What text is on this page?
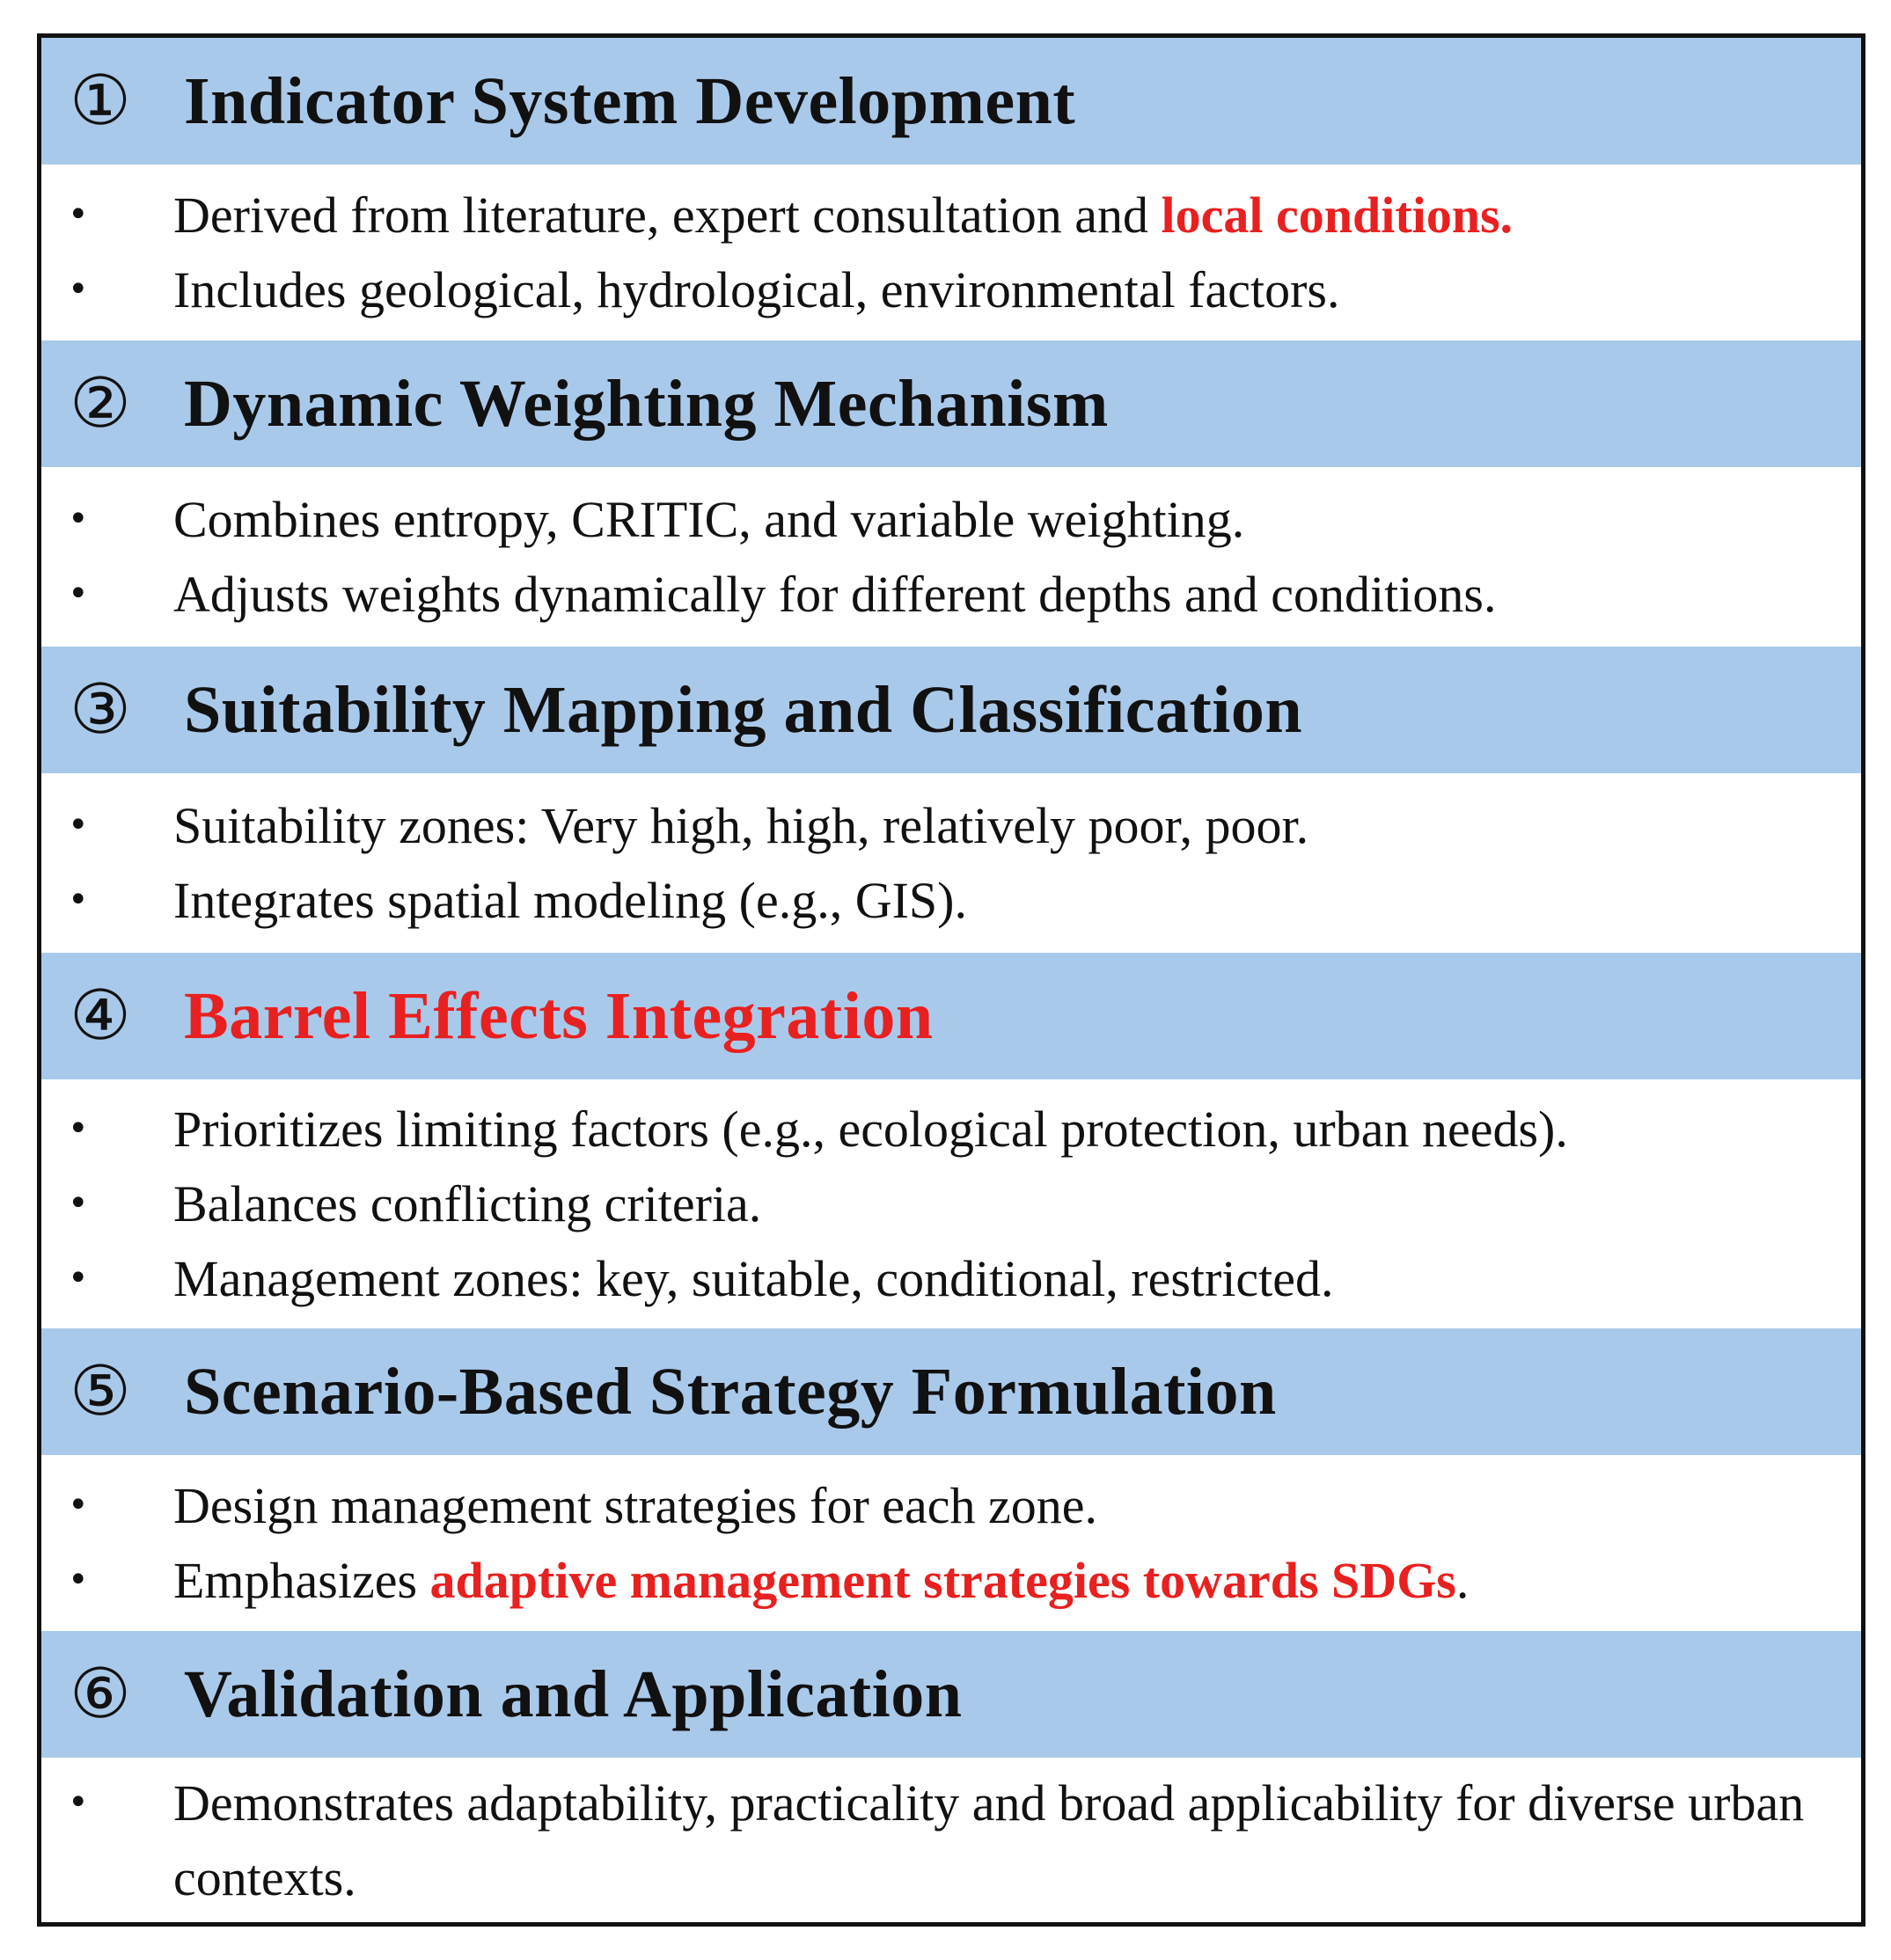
① Indicator System Development
•	Derived from literature, expert consultation and local conditions.
•	Includes geological, hydrological, environmental factors.
② Dynamic Weighting Mechanism
•	Combines entropy, CRITIC, and variable weighting.
•	Adjusts weights dynamically for different depths and conditions.
③ Suitability Mapping and Classification
•	Suitability zones: Very high, high, relatively poor, poor.
•	Integrates spatial modeling (e.g., GIS).
④ Barrel Effects Integration
•	Prioritizes limiting factors (e.g., ecological protection, urban needs).
•	Balances conflicting criteria.
•	Management zones: key, suitable, conditional, restricted.
⑤ Scenario-Based Strategy Formulation
•	Design management strategies for each zone.
•	Emphasizes adaptive management strategies towards SDGs.
⑥ Validation and Application
•	Demonstrates adaptability, practicality and broad applicability for diverse urban contexts.
